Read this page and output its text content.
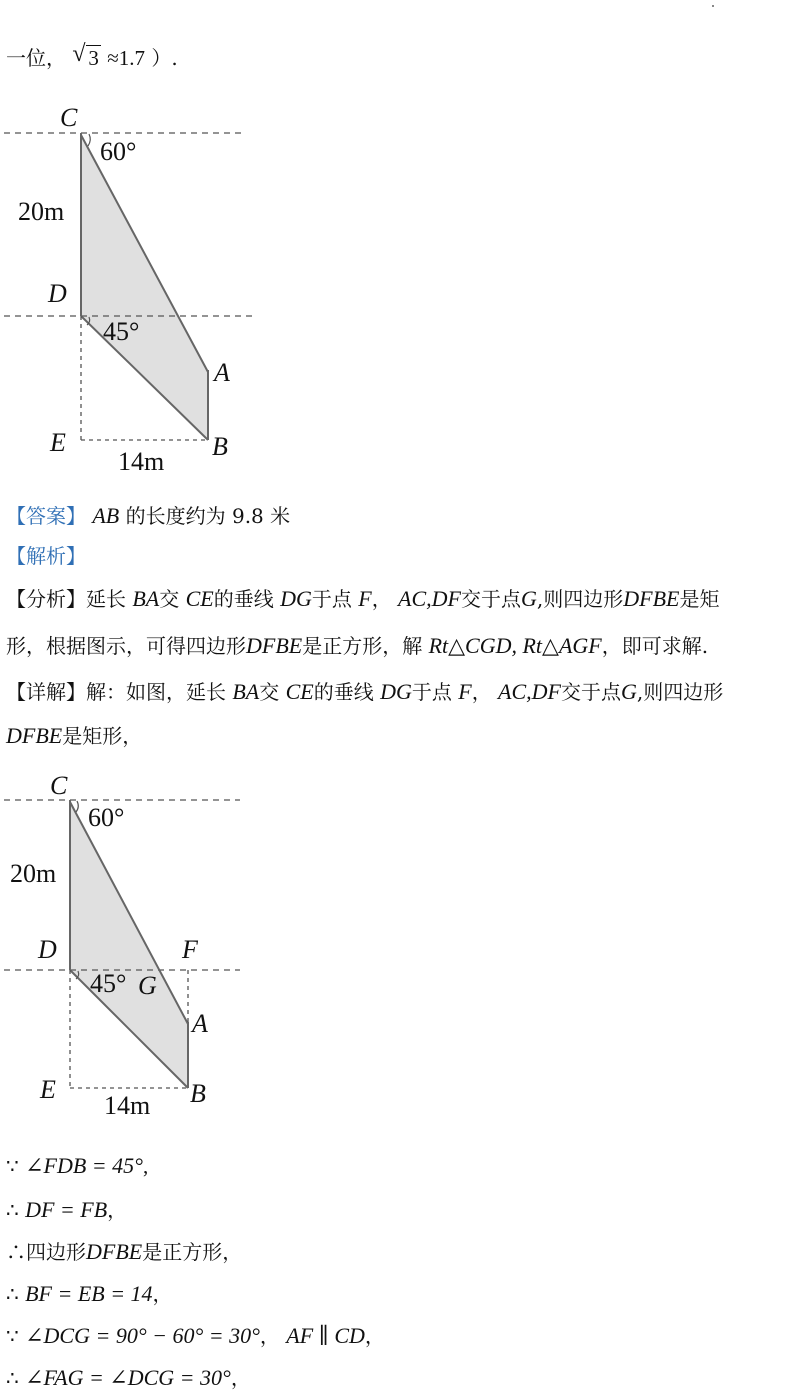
一位， √ 3 ≈1.7 ）.
C
60°
20m
D
45°
A
E	B
14m
【答案】 AB 的长度约为 9.8 米
【解析】
【分析】延长 BA交 CE的垂线 DG于点 F， AC,DF交于点G,则四边形DFBE是矩
形，根据图示，可得四边形DFBE是正方形，解 Rt△CGD, Rt△AGF，即可求解.
【详解】解：如图，延长 BA交 CE的垂线 DG于点 F， AC,DF交于点G,则四边形
DFBE是矩形，
C
60°
20m
D	F
45° G
A
E	B
14m
∵ ∠FDB = 45°,
∴ DF = FB，
∴四边形DFBE是正方形，
∴ BF = EB = 14，
∵ ∠DCG = 90° − 60° = 30°， AF ∥ CD，
∴ ∠FAG = ∠DCG = 30°，
